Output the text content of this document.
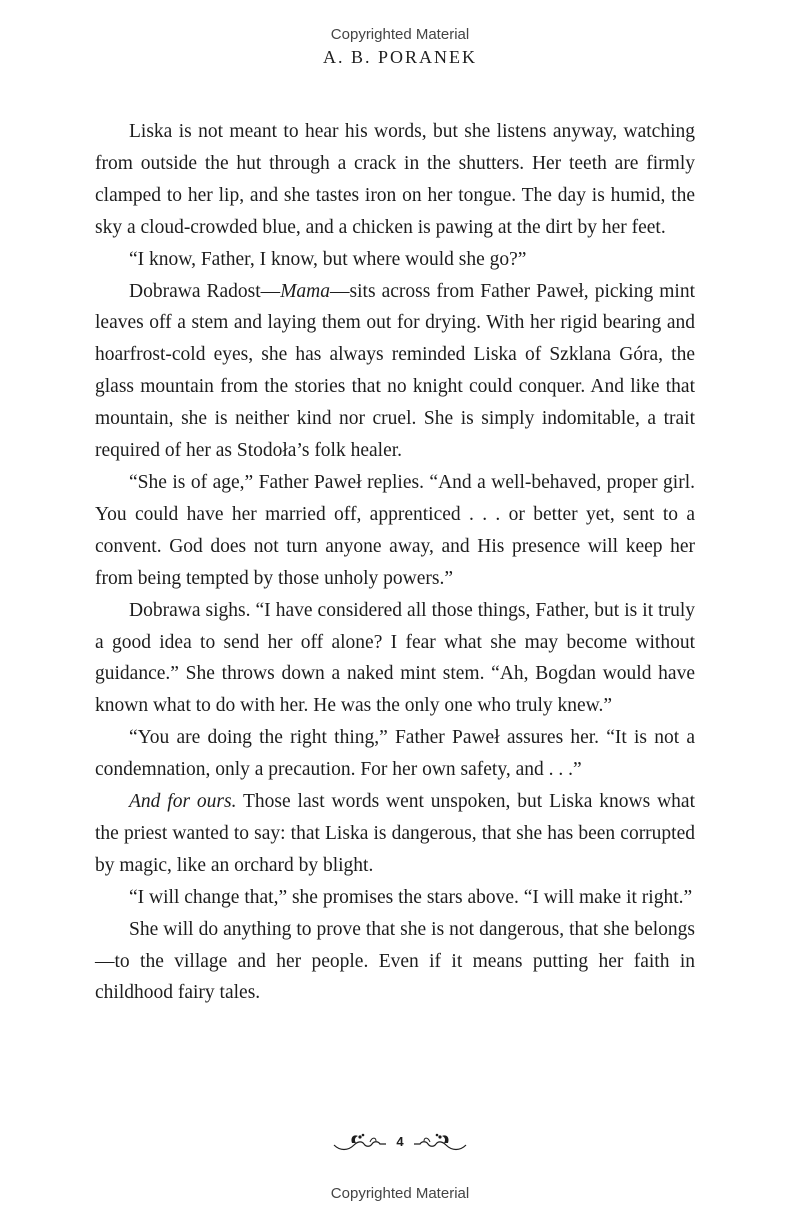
Copyrighted Material
A. B. PORANEK

Liska is not meant to hear his words, but she listens anyway, watching from outside the hut through a crack in the shutters. Her teeth are firmly clamped to her lip, and she tastes iron on her tongue. The day is humid, the sky a cloud-crowded blue, and a chicken is pawing at the dirt by her feet.

“I know, Father, I know, but where would she go?”

Dobrawa Radost—Mama—sits across from Father Paweł, picking mint leaves off a stem and laying them out for drying. With her rigid bearing and hoarfrost-cold eyes, she has always reminded Liska of Szklana Góra, the glass mountain from the stories that no knight could conquer. And like that mountain, she is neither kind nor cruel. She is simply indomitable, a trait required of her as Stodoła’s folk healer.

“She is of age,” Father Paweł replies. “And a well-behaved, proper girl. You could have her married off, apprenticed . . . or better yet, sent to a convent. God does not turn anyone away, and His presence will keep her from being tempted by those unholy powers.”

Dobrawa sighs. “I have considered all those things, Father, but is it truly a good idea to send her off alone? I fear what she may become without guidance.” She throws down a naked mint stem. “Ah, Bogdan would have known what to do with her. He was the only one who truly knew.”

“You are doing the right thing,” Father Paweł assures her. “It is not a condemnation, only a precaution. For her own safety, and . . .”

And for ours. Those last words went unspoken, but Liska knows what the priest wanted to say: that Liska is dangerous, that she has been corrupted by magic, like an orchard by blight.

“I will change that,” she promises the stars above. “I will make it right.”

She will do anything to prove that she is not dangerous, that she belongs—to the village and her people. Even if it means putting her faith in childhood fairy tales.

4
Copyrighted Material
